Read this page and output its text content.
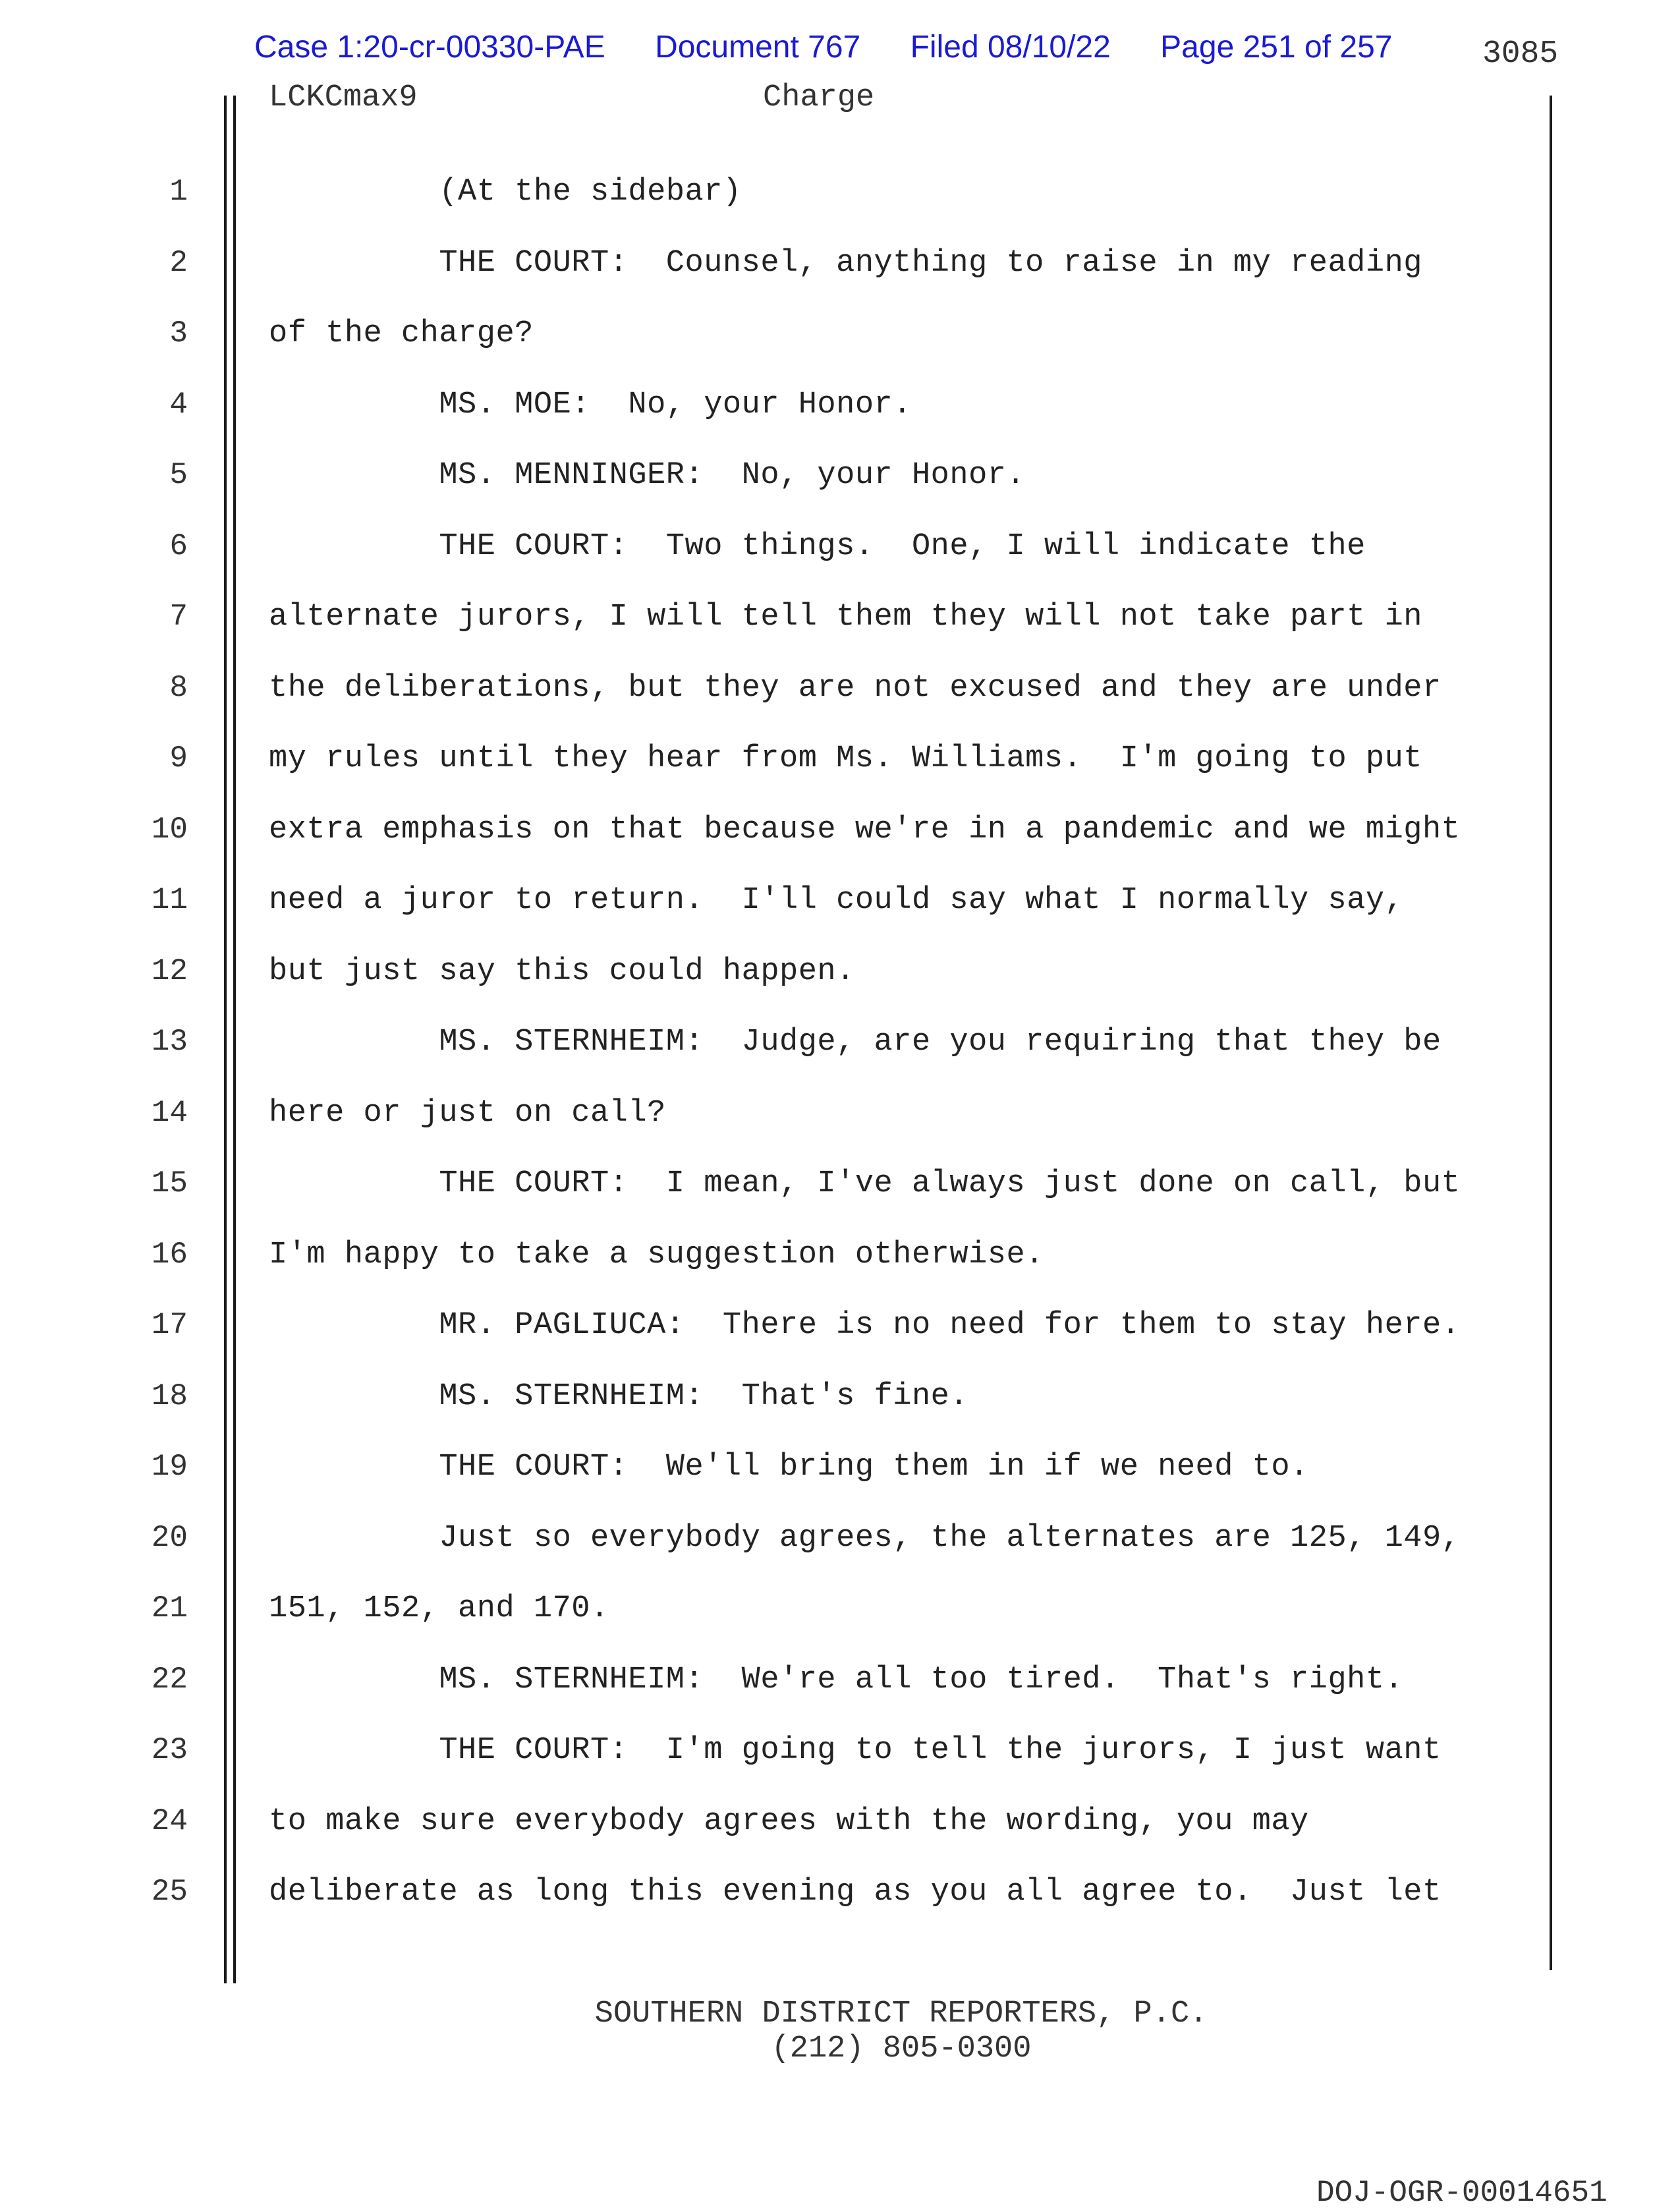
Case 1:20-cr-00330-PAE Document 767 Filed 08/10/22 Page 251 of 257	3085
LCKCmax9	Charge
1	(At the sidebar)
2	THE COURT:  Counsel, anything to raise in my reading
3	of the charge?
4	MS. MOE:  No, your Honor.
5	MS. MENNINGER:  No, your Honor.
6	THE COURT:  Two things.  One, I will indicate the
7	alternate jurors, I will tell them they will not take part in
8	the deliberations, but they are not excused and they are under
9	my rules until they hear from Ms. Williams.  I'm going to put
10	extra emphasis on that because we're in a pandemic and we might
11	need a juror to return.  I'll could say what I normally say,
12	but just say this could happen.
13	MS. STERNHEIM:  Judge, are you requiring that they be
14	here or just on call?
15	THE COURT:  I mean, I've always just done on call, but
16	I'm happy to take a suggestion otherwise.
17	MR. PAGLIUCA:  There is no need for them to stay here.
18	MS. STERNHEIM:  That's fine.
19	THE COURT:  We'll bring them in if we need to.
20	Just so everybody agrees, the alternates are 125, 149,
21	151, 152, and 170.
22	MS. STERNHEIM:  We're all too tired.  That's right.
23	THE COURT:  I'm going to tell the jurors, I just want
24	to make sure everybody agrees with the wording, you may
25	deliberate as long this evening as you all agree to.  Just let
SOUTHERN DISTRICT REPORTERS, P.C.
(212) 805-0300
DOJ-OGR-00014651
